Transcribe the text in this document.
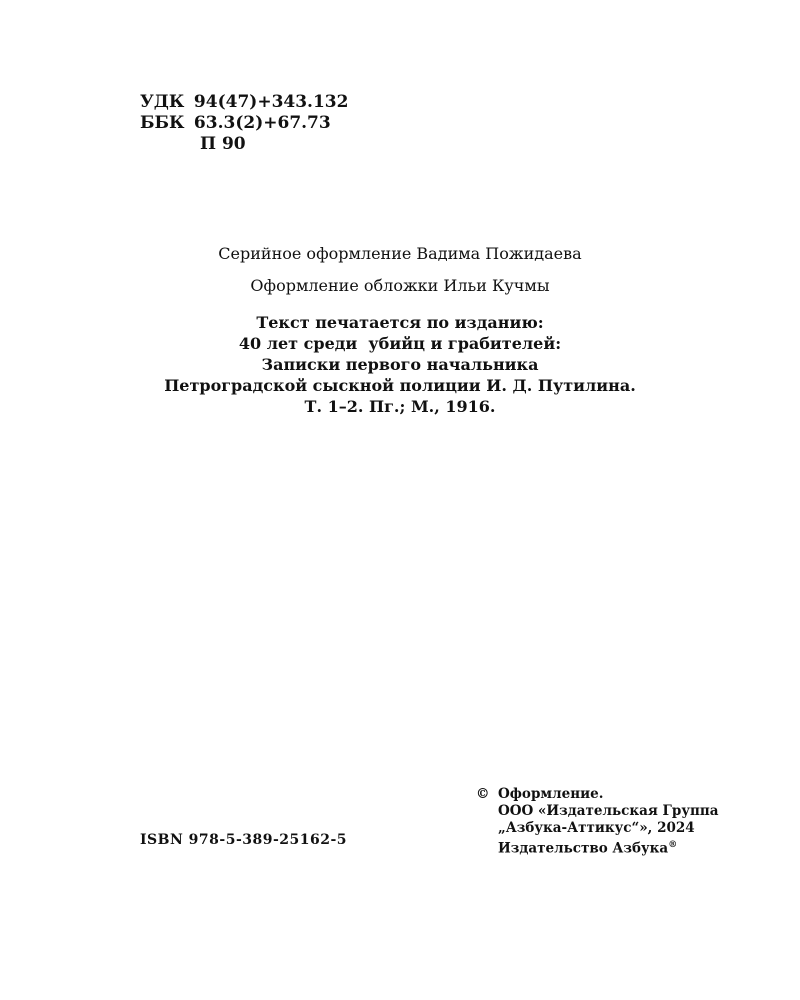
УДК 94(47)+343.132
ББК 63.3(2)+67.73
П 90
Серийное оформление Вадима Пожидаева
Оформление обложки Ильи Кучмы
Текст печатается по изданию:
40 лет среди  убийц и грабителей:
Записки первого начальника
Петроградской сыскной полиции И. Д. Путилина.
Т. 1–2. Пг.; М., 1916.
ISBN 978-5-389-25162-5
© Оформление.
ООО «Издательская Группа
„Азбука-Аттикус“», 2024
Издательство Азбука®
